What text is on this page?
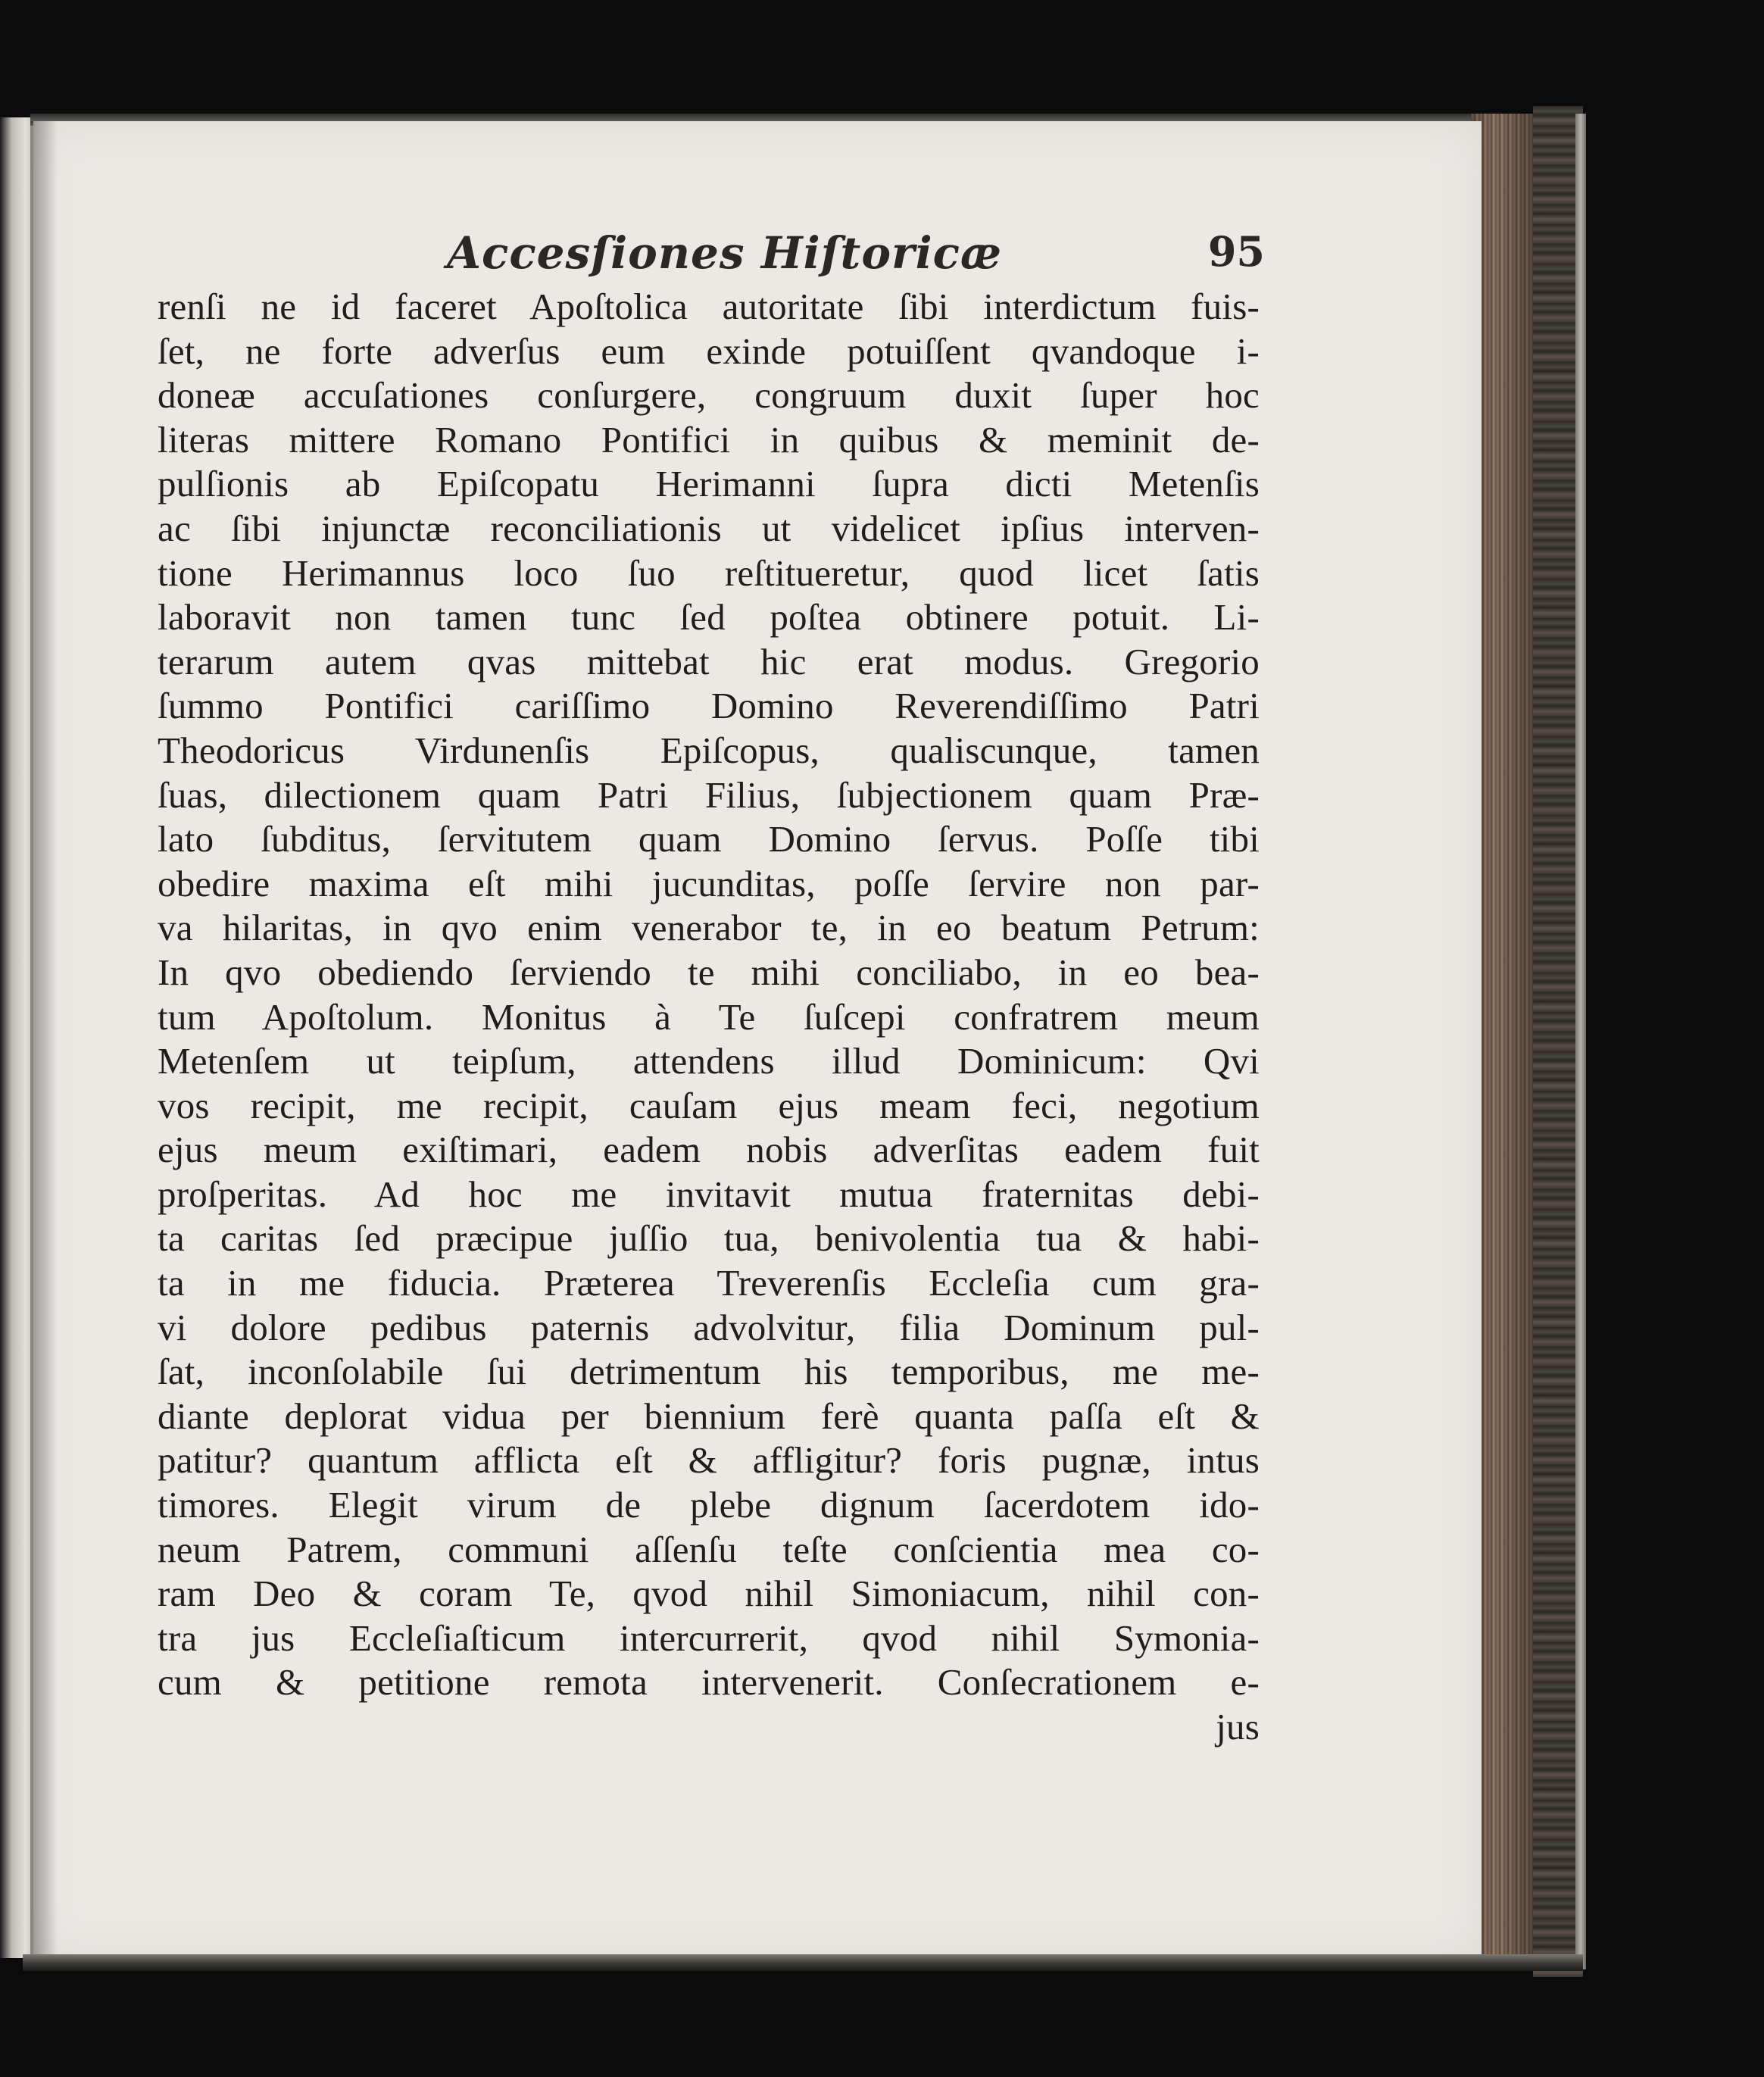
Accesſiones Hiſtoricæ	95
renſi ne id faceret Apoſtolica autoritate ſibi interdictum fuis-
ſet, ne forte adverſus eum exinde potuiſſent qvandoque i-
doneæ accuſationes conſurgere, congruum duxit ſuper hoc
literas mittere Romano Pontifici in quibus & meminit de-
pulſionis ab Epiſcopatu Herimanni ſupra dicti Metenſis
ac ſibi injunctæ reconciliationis ut videlicet ipſius interven-
tione Herimannus loco ſuo reſtitueretur, quod licet ſatis
laboravit non tamen tunc ſed poſtea obtinere potuit. Li-
terarum autem qvas mittebat hic erat modus. Gregorio
ſummo Pontifici cariſſimo Domino Reverendiſſimo Patri
Theodoricus Virdunenſis Epiſcopus, qualiscunque, tamen
ſuas, dilectionem quam Patri Filius, ſubjectionem quam Præ-
lato ſubditus, ſervitutem quam Domino ſervus. Poſſe tibi
obedire maxima eſt mihi jucunditas, poſſe ſervire non par-
va hilaritas, in qvo enim venerabor te, in eo beatum Petrum:
In qvo obediendo ſerviendo te mihi conciliabo, in eo bea-
tum Apoſtolum. Monitus à Te ſuſcepi confratrem meum
Metenſem ut teipſum, attendens illud Dominicum: Qvi
vos recipit, me recipit, cauſam ejus meam feci, negotium
ejus meum exiſtimari, eadem nobis adverſitas eadem fuit
proſperitas. Ad hoc me invitavit mutua fraternitas debi-
ta caritas ſed præcipue juſſio tua, benivolentia tua & habi-
ta in me fiducia. Præterea Treverenſis Eccleſia cum gra-
vi dolore pedibus paternis advolvitur, filia Dominum pul-
ſat, inconſolabile ſui detrimentum his temporibus, me me-
diante deplorat vidua per biennium ferè quanta paſſa eſt &
patitur? quantum afflicta eſt & affligitur? foris pugnæ, intus
timores. Elegit virum de plebe dignum ſacerdotem ido-
neum Patrem, communi aſſenſu teſte conſcientia mea co-
ram Deo & coram Te, qvod nihil Simoniacum, nihil con-
tra jus Eccleſiaſticum intercurrerit, qvod nihil Symonia-
cum & petitione remota intervenerit. Conſecrationem e-
jus
